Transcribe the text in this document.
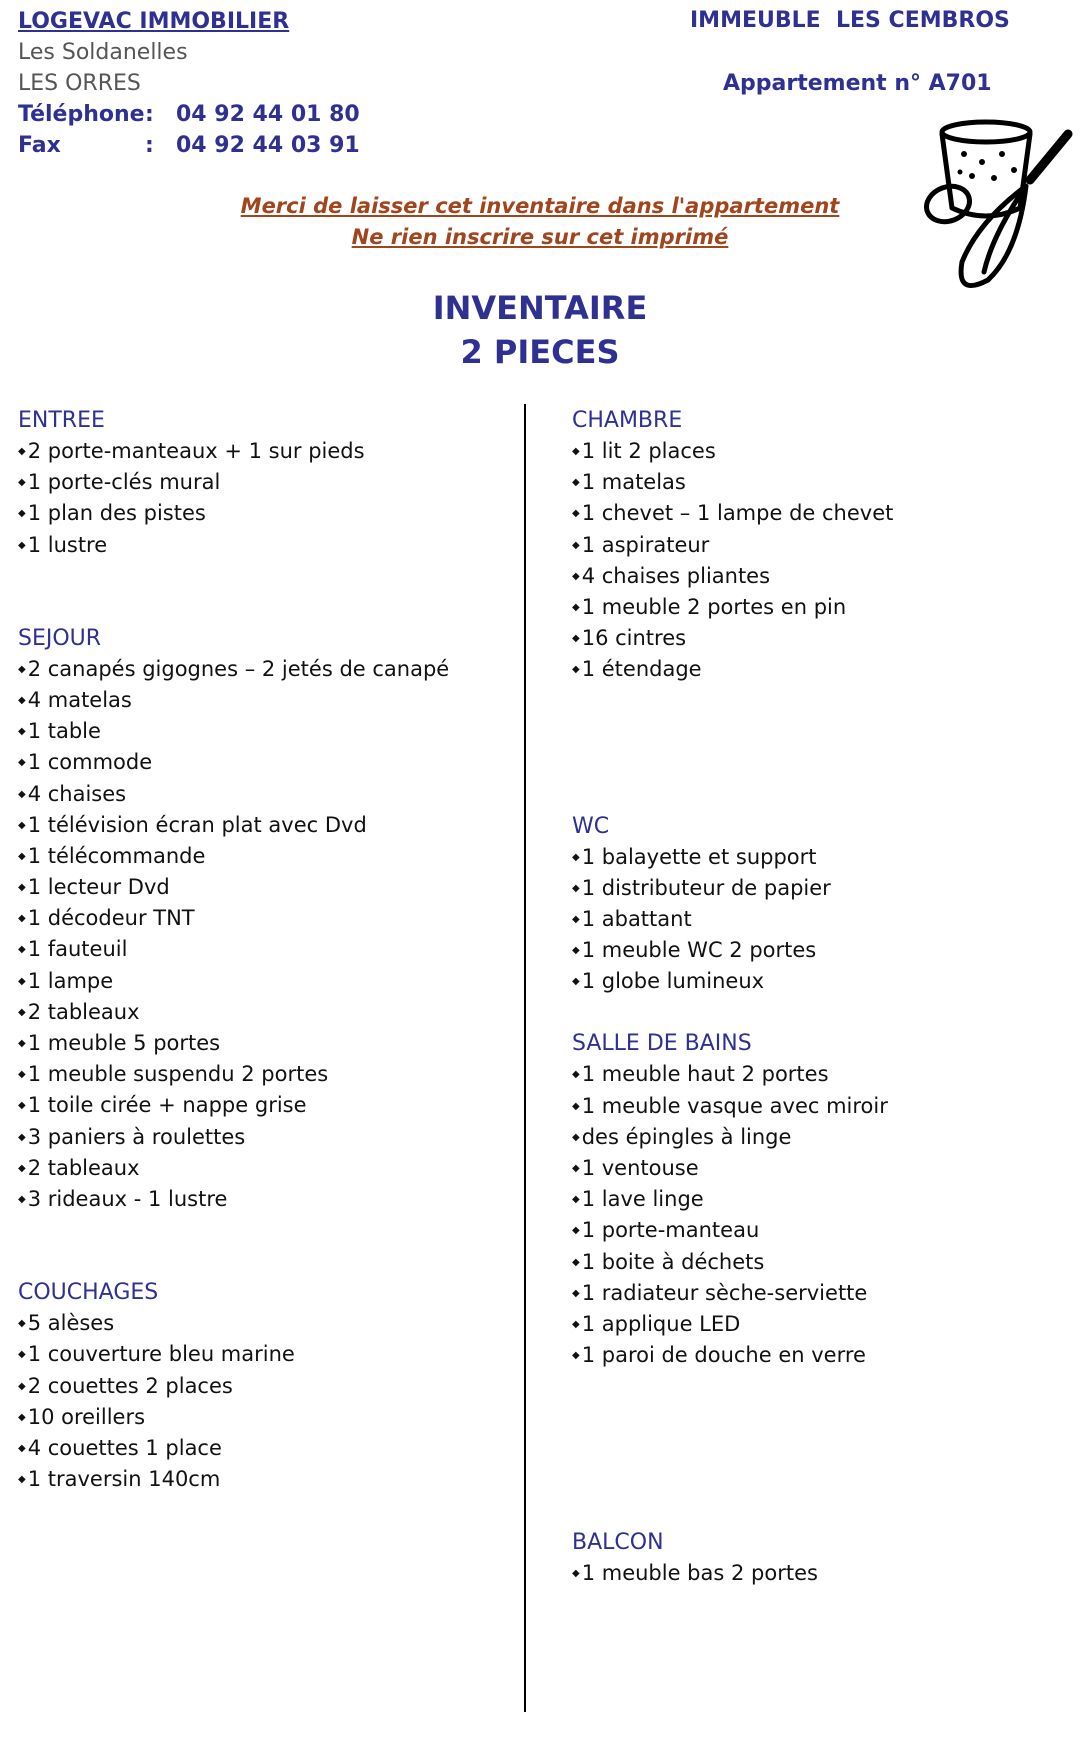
LOGEVAC IMMOBILIER
Les Soldanelles
LES ORRES
Téléphone : 04 92 44 01 80
Fax	: 04 92 44 03 91
IMMEUBLE  LES CEMBROS
Appartement n° A701
Merci de laisser cet inventaire dans l'appartement
Ne rien inscrire sur cet imprimé
INVENTAIRE
2 PIECES
ENTREE
◆ 2 porte-manteaux + 1 sur pieds
◆ 1 porte-clés mural
◆ 1 plan des pistes
◆ 1 lustre
SEJOUR
◆ 2 canapés gigognes – 2 jetés de canapé
◆ 4 matelas
◆ 1 table
◆ 1 commode
◆ 4 chaises
◆ 1 télévision écran plat avec Dvd
◆ 1 télécommande
◆ 1 lecteur Dvd
◆ 1 décodeur TNT
◆ 1 fauteuil
◆ 1 lampe
◆ 2 tableaux
◆ 1 meuble 5 portes
◆ 1 meuble suspendu 2 portes
◆ 1 toile cirée + nappe grise
◆ 3 paniers à roulettes
◆ 2 tableaux
◆ 3 rideaux - 1 lustre
COUCHAGES
◆ 5 alèses
◆ 1 couverture bleu marine
◆ 2 couettes 2 places
◆ 10 oreillers
◆ 4 couettes 1 place
◆ 1 traversin 140cm
CHAMBRE
◆ 1 lit 2 places
◆ 1 matelas
◆ 1 chevet – 1 lampe de chevet
◆ 1 aspirateur
◆ 4 chaises pliantes
◆ 1 meuble 2 portes en pin
◆ 16 cintres
◆ 1 étendage
WC
◆ 1 balayette et support
◆ 1 distributeur de papier
◆ 1 abattant
◆ 1 meuble WC 2 portes
◆ 1 globe lumineux
SALLE DE BAINS
◆ 1 meuble haut 2 portes
◆ 1 meuble vasque avec miroir
◆ des épingles à linge
◆ 1 ventouse
◆ 1 lave linge
◆ 1 porte-manteau
◆ 1 boite à déchets
◆ 1 radiateur sèche-serviette
◆ 1 applique LED
◆ 1 paroi de douche en verre
BALCON
◆ 1 meuble bas 2 portes
